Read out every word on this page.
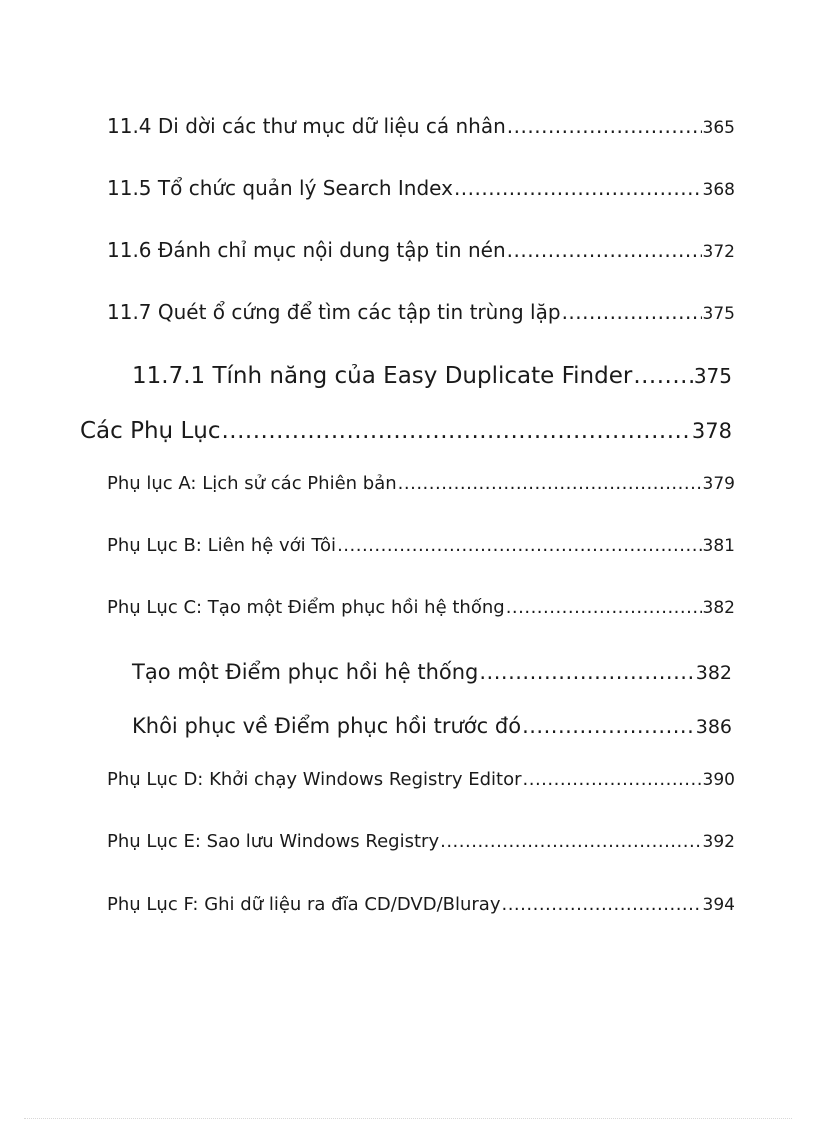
11.4 Di dời các thư mục dữ liệu cá nhân .....	365
11.5 Tổ chức quản lý Search Index .....	368
11.6 Đánh chỉ mục nội dung tập tin nén .....	372
11.7 Quét ổ cứng để tìm các tập tin trùng lặp .....	375
11.7.1 Tính năng của Easy Duplicate Finder .....	375
Các Phụ Lục .....	378
Phụ lục A: Lịch sử các Phiên bản .....	379
Phụ Lục B: Liên hệ với Tôi .....	381
Phụ Lục C: Tạo một Điểm phục hồi hệ thống .....	382
Tạo một Điểm phục hồi hệ thống .....	382
Khôi phục về Điểm phục hồi trước đó .....	386
Phụ Lục D: Khởi chạy Windows Registry Editor .....	390
Phụ Lục E: Sao lưu Windows Registry .....	392
Phụ Lục F: Ghi dữ liệu ra đĩa CD/DVD/Bluray .....	394
